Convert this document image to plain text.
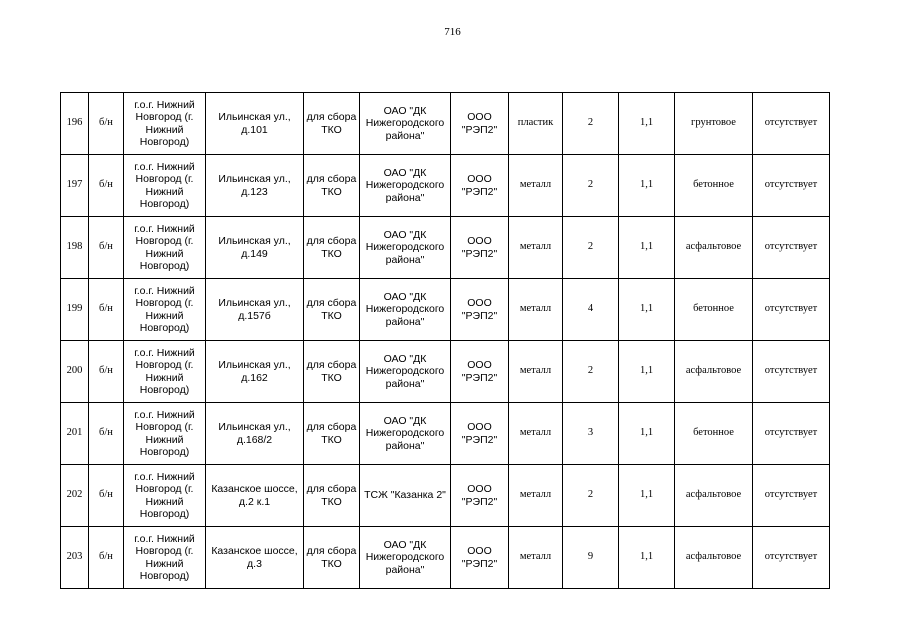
716
196	б/н	г.о.г. Нижний Новгород (г. Нижний Новгород)	Ильинская ул., д.101	для сбора ТКО	ОАО "ДК Нижегородского района"	ООО "РЭП2"	пластик	2	1,1	грунтовое	отсутствует
197	б/н	г.о.г. Нижний Новгород (г. Нижний Новгород)	Ильинская ул., д.123	для сбора ТКО	ОАО "ДК Нижегородского района"	ООО "РЭП2"	металл	2	1,1	бетонное	отсутствует
198	б/н	г.о.г. Нижний Новгород (г. Нижний Новгород)	Ильинская ул., д.149	для сбора ТКО	ОАО "ДК Нижегородского района"	ООО "РЭП2"	металл	2	1,1	асфальтовое	отсутствует
199	б/н	г.о.г. Нижний Новгород (г. Нижний Новгород)	Ильинская ул., д.157б	для сбора ТКО	ОАО "ДК Нижегородского района"	ООО "РЭП2"	металл	4	1,1	бетонное	отсутствует
200	б/н	г.о.г. Нижний Новгород (г. Нижний Новгород)	Ильинская ул., д.162	для сбора ТКО	ОАО "ДК Нижегородского района"	ООО "РЭП2"	металл	2	1,1	асфальтовое	отсутствует
201	б/н	г.о.г. Нижний Новгород (г. Нижний Новгород)	Ильинская ул., д.168/2	для сбора ТКО	ОАО "ДК Нижегородского района"	ООО "РЭП2"	металл	3	1,1	бетонное	отсутствует
202	б/н	г.о.г. Нижний Новгород (г. Нижний Новгород)	Казанское шоссе, д.2 к.1	для сбора ТКО	ТСЖ "Казанка 2"	ООО "РЭП2"	металл	2	1,1	асфальтовое	отсутствует
203	б/н	г.о.г. Нижний Новгород (г. Нижний Новгород)	Казанское шоссе, д.3	для сбора ТКО	ОАО "ДК Нижегородского района"	ООО "РЭП2"	металл	9	1,1	асфальтовое	отсутствует
